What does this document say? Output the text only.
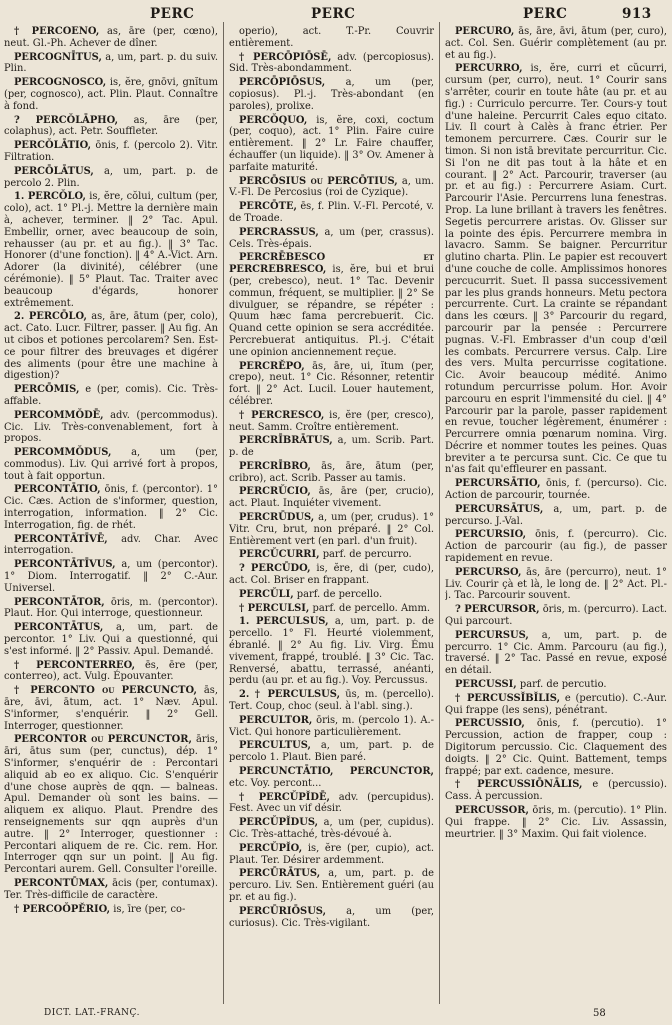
PERC	PERC	PERC	913

† PERCOENO, as, āre (per, cœno), neut. Gl.-Ph. Achever de dîner.

PERCOGNĪTUS, a, um, part. p. du suiv. Plin.

PERCOGNOSCO, is, ĕre, gnōvi, gnĭtum (per, cognosco), act. Plin. Plaut. Connaître à fond.

? PERCŎLĀPHO, as, āre (per, colaphus), act. Petr. Souffleter.

PERCŎLĀTIO, ōnis, f. (percolo 2). Vitr. Filtration.

PERCŌLĀTUS, a, um, part. p. de percolo 2. Plin.

1. PERCŎLO, is, ĕre, cŏlui, cultum (per, colo), act. 1° Pl.-j. Mettre la dernière main à, achever, terminer. ‖ 2° Tac. Apul. Embellir, orner, avec beaucoup de soin, rehausser (au pr. et au fig.). ‖ 3° Tac. Honorer (d'une fonction). ‖ 4° A.-Vict. Arn. Adorer (la divinité), célébrer (une cérémonie). ‖ 5° Plaut. Tac. Traiter avec beaucoup d'égards, honorer extrêmement.

2. PERCŌLO, as, āre, ātum (per, colo), act. Cato. Lucr. Filtrer, passer. ‖ Au fig. An ut cibos et potiones percolarem? Sen. Est-ce pour filtrer des breuvages et digérer des aliments (pour être une machine à digestion)?

PERCŌMIS, e (per, comis). Cic. Très-affable.

PERCOMMŎDĒ, adv. (percommodus). Cic. Liv. Très-convenablement, fort à propos.

PERCOMMŎDUS, a, um (per, commodus). Liv. Qui arrivé fort à propos, tout à fait opportun.

PERCONTĀTIO, ōnis, f. (percontor). 1° Cic. Cæs. Action de s'informer, question, interrogation, information. ‖ 2° Cic. Interrogation, fig. de rhét.

PERCONTĀTĪVĒ, adv. Char. Avec interrogation.

PERCONTĀTĪVUS, a, um (percontor). 1° Diom. Interrogatif. ‖ 2° C.-Aur. Universel.

PERCONTĀTOR, ōris, m. (percontor). Plaut. Hor. Qui interroge, questionneur.

PERCONTĀTUS, a, um, part. de percontor. 1° Liv. Qui a questionné, qui s'est informé. ‖ 2° Passiv. Apul. Demandé.

† PERCONTERREO, ēs, ēre (per, conterreo), act. Vulg. Épouvanter.

† PERCONTO ou PERCUNCTO, ās, āre, āvi, ātum, act. 1° Næv. Apul. S'informer, s'enquérir. ‖ 2° Gell. Interroger, questionner.

PERCONTOR ou PERCUNCTOR, āris, āri, ātus sum (per, cunctus), dép. 1° S'informer, s'enquérir de : Percontari aliquid ab eo ex aliquo. Cic. S'enquérir d'une chose auprès de qqn. — balneas. Apul. Demander où sont les bains. — aliquem ex aliquo. Plaut. Prendre des renseignements sur qqn auprès d'un autre. ‖ 2° Interroger, questionner : Percontari aliquem de re. Cic. rem. Hor. Interroger qqn sur un point. ‖ Au fig. Percontari aurem. Gell. Consulter l'oreille.

PERCONTŪMAX, ācis (per, contumax). Ter. Très-difficile de caractère.

† PERCOŎPĔRIO, is, īre (per, co-

operio), act. T.-Pr. Couvrir entièrement.

† PERCŌPIŌSĒ, adv. (percopiosus). Sid. Très-abondamment.

PERCŌPIŌSUS, a, um (per, copiosus). Pl.-j. Très-abondant (en paroles), prolixe.

PERCŎQUO, is, ĕre, coxi, coctum (per, coquo), act. 1° Plin. Faire cuire entièrement. ‖ 2° Lr. Faire chauffer, échauffer (un liquide). ‖ 3° Ov. Amener à parfaite maturité.

PERCŌSIUS ou PERCŌTIUS, a, um. V.-Fl. De Percosius (roi de Cyzique).

PERCŌTE, ēs, f. Plin. V.-Fl. Percoté, v. de Troade.

PERCRASSUS, a, um (per, crassus). Cels. Très-épais.

PERCRĒBESCO et PERCREBRESCO, is, ĕre, bui et brui (per, crebesco), neut. 1° Tac. Devenir commun, fréquent, se multiplier. ‖ 2° Se divulguer, se répandre, se répéter : Quum hæc fama percrebuerit. Cic. Quand cette opinion se sera accréditée. Percrebuerat antiquitus. Pl.-j. C'était une opinion anciennement reçue.

PERCRĔPO, ās, āre, ui, ĭtum (per, crepo), neut. 1° Cic. Résonner, retentir fort. ‖ 2° Act. Lucil. Louer hautement, célébrer.

† PERCRESCO, is, ĕre (per, cresco), neut. Samm. Croître entièrement.

PERCRĪBRĀTUS, a, um. Scrib. Part. p. de

PERCRĪBRO, ās, āre, ātum (per, cribro), act. Scrib. Passer au tamis.

PERCRŬCIO, ās, āre (per, crucio), act. Plaut. Inquiéter vivement.

PERCRŪDUS, a, um (per, crudus). 1° Vitr. Cru, brut, non préparé. ‖ 2° Col. Entièrement vert (en parl. d'un fruit).

PERCŬCURRI, parf. de percurro.

? PERCŪDO, is, ĕre, di (per, cudo), act. Col. Briser en frappant.

PERCŬLI, parf. de percello.

† PERCULSI, parf. de percello. Amm.

1. PERCULSUS, a, um, part. p. de percello. 1° Fl. Heurté violemment, ébranlé. ‖ 2° Au fig. Liv. Virg. Ému vivement, frappé, troublé. ‖ 3° Cic. Tac. Renversé, abattu, terrassé, anéanti, perdu (au pr. et au fig.). Voy. Percussus.

2. † PERCULSUS, ūs, m. (percello). Tert. Coup, choc (seul. à l'abl. sing.).

PERCULTOR, ōris, m. (percolo 1). A.-Vict. Qui honore particulièrement.

PERCULTUS, a, um, part. p. de percolo 1. Plaut. Bien paré.

PERCUNCTĀTIO, PERCUNCTOR, etc. Voy. percont...

† PERCŬPĬDĒ, adv. (percupidus). Fest. Avec un vif désir.

PERCŬPĬDUS, a, um (per, cupidus). Cic. Très-attaché, très-dévoué à.

PERCŬPĬO, is, ĕre (per, cupio), act. Plaut. Ter. Désirer ardemment.

PERCŪRĀTUS, a, um, part. p. de percuro. Liv. Sen. Entièrement guéri (au pr. et au fig.).

PERCŪRIŌSUS, a, um (per, curiosus). Cic. Très-vigilant.

PERCŪRO, ās, āre, āvi, ātum (per, curo), act. Col. Sen. Guérir complètement (au pr. et au fig.).

PERCURRO, is, ĕre, curri et cŭcurri, cursum (per, curro), neut. 1° Courir sans s'arrêter, courir en toute hâte (au pr. et au fig.) : Curriculo percurre. Ter. Cours-y tout d'une haleine. Percurrit Cales equo citato. Liv. Il court à Calès à franc étrier. Per temonem percurrere. Cæs. Courir sur le timon. Si non istā brevitate percurritur. Cic. Si l'on ne dit pas tout à la hâte et en courant. ‖ 2° Act. Parcourir, traverser (au pr. et au fig.) : Percurrere Asiam. Curt. Parcourir l'Asie. Percurrens luna fenestras. Prop. La lune brillant à travers les fenêtres. Segetis percurrere aristas. Ov. Glisser sur la pointe des épis. Percurrere membra in lavacro. Samm. Se baigner. Percurritur glutino charta. Plin. Le papier est recouvert d'une couche de colle. Amplissimos honores percucurrit. Suet. Il passa successivement par les plus grands honneurs. Metu pectora percurrente. Curt. La crainte se répandant dans les cœurs. ‖ 3° Parcourir du regard, parcourir par la pensée : Percurrere pugnas. V.-Fl. Embrasser d'un coup d'œil les combats. Percurrere versus. Calp. Lire des vers. Multa percurrisse cogitatione. Cic. Avoir beaucoup médité. Animo rotundum percurrisse polum. Hor. Avoir parcouru en esprit l'immensité du ciel. ‖ 4° Parcourir par la parole, passer rapidement en revue, toucher légèrement, énumérer : Percurrere omnia pœnarum nomina. Virg. Décrire et nommer toutes les peines. Quas breviter a te percursa sunt. Cic. Ce que tu n'as fait qu'effleurer en passant.

PERCURSĀTIO, ōnis, f. (percurso). Cic. Action de parcourir, tournée.

PERCURSĀTUS, a, um, part. p. de percurso. J.-Val.

PERCURSIO, ōnis, f. (percurro). Cic. Action de parcourir (au fig.), de passer rapidement en revue.

PERCURSO, ās, āre (percurro), neut. 1° Liv. Courir çà et là, le long de. ‖ 2° Act. Pl.-j. Tac. Parcourir souvent.

? PERCURSOR, ōris, m. (percurro). Lact. Qui parcourt.

PERCURSUS, a, um, part. p. de percurro. 1° Cic. Amm. Parcouru (au fig.), traversé. ‖ 2° Tac. Passé en revue, exposé en détail.

PERCUSSI, parf. de percutio.

† PERCUSSĬBĬLIS, e (percutio). C.-Aur. Qui frappe (les sens), pénétrant.

PERCUSSIO, ōnis, f. (percutio). 1° Percussion, action de frapper, coup : Digitorum percussio. Cic. Claquement des doigts. ‖ 2° Cic. Quint. Battement, temps frappé; par ext. cadence, mesure.

† PERCUSSIŌNĀLIS, e (percussio). Cass. À percussion.

PERCUSSOR, ōris, m. (percutio). 1° Plin. Qui frappe. ‖ 2° Cic. Liv. Assassin, meurtrier. ‖ 3° Maxim. Qui fait violence.

DICT. LAT.-FRANÇ.	58
